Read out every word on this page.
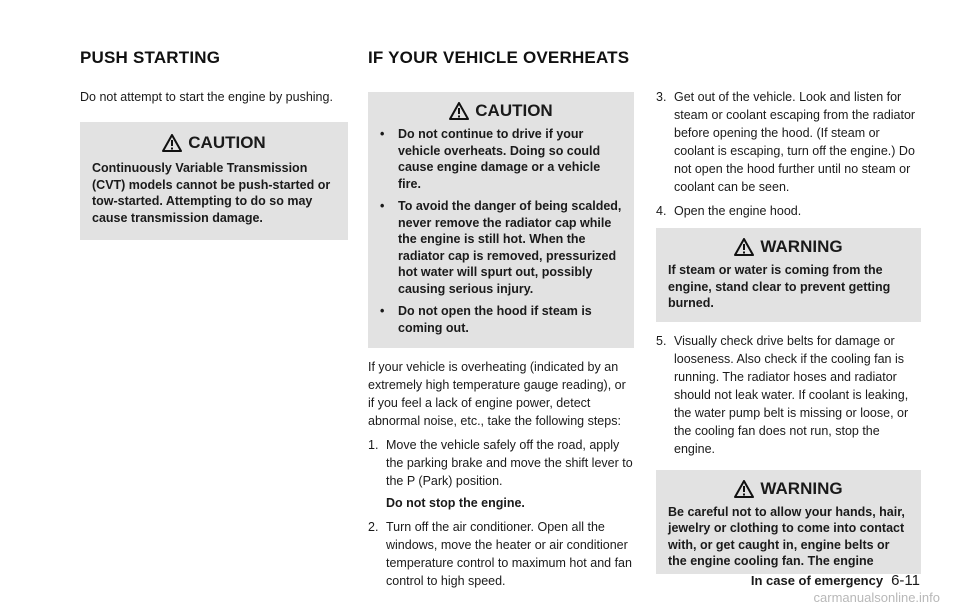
PUSH STARTING

Do not attempt to start the engine by pushing.

CAUTION
Continuously Variable Transmission (CVT) models cannot be push-started or tow-started. Attempting to do so may cause transmission damage.
IF YOUR VEHICLE OVERHEATS
CAUTION
•	Do not continue to drive if your vehicle overheats. Doing so could cause engine damage or a vehicle fire.
•	To avoid the danger of being scalded, never remove the radiator cap while the engine is still hot. When the radiator cap is removed, pressurized hot water will spurt out, possibly causing serious injury.
•	Do not open the hood if steam is coming out.

If your vehicle is overheating (indicated by an extremely high temperature gauge reading), or if you feel a lack of engine power, detect abnormal noise, etc., take the following steps:

1. Move the vehicle safely off the road, apply the parking brake and move the shift lever to the P (Park) position.
Do not stop the engine.
2. Turn off the air conditioner. Open all the windows, move the heater or air conditioner temperature control to maximum hot and fan control to high speed.
3. Get out of the vehicle. Look and listen for steam or coolant escaping from the radiator before opening the hood. (If steam or coolant is escaping, turn off the engine.) Do not open the hood further until no steam or coolant can be seen.
4. Open the engine hood.
WARNING
If steam or water is coming from the engine, stand clear to prevent getting burned.
5. Visually check drive belts for damage or looseness. Also check if the cooling fan is running. The radiator hoses and radiator should not leak water. If coolant is leaking, the water pump belt is missing or loose, or the cooling fan does not run, stop the engine.
WARNING
Be careful not to allow your hands, hair, jewelry or clothing to come into contact with, or get caught in, engine belts or the engine cooling fan. The engine
In case of emergency 6-11
carmanualsonline.info
